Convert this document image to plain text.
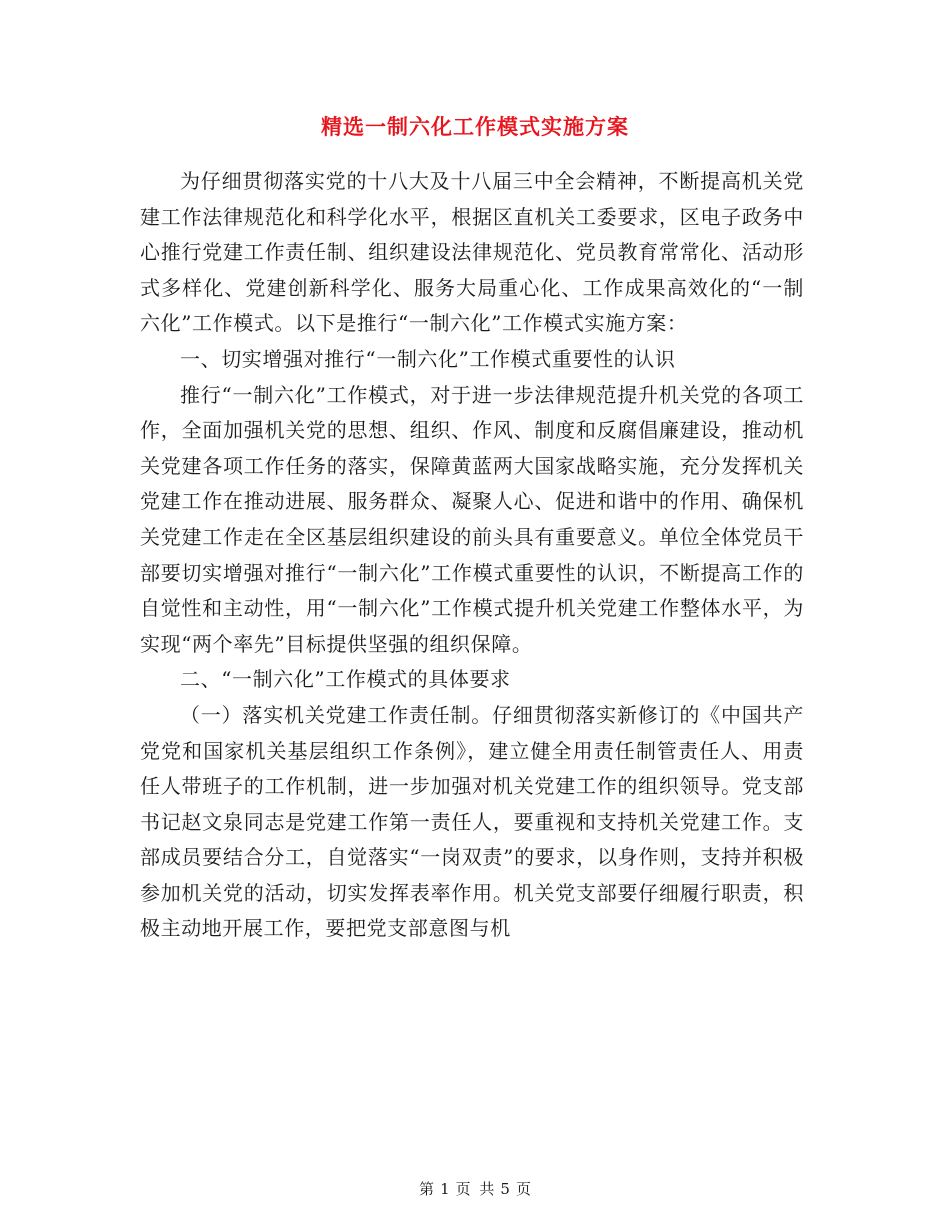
精选一制六化工作模式实施方案

为仔细贯彻落实党的十八大及十八届三中全会精神，不断提高机关党建工作法律规范化和科学化水平，根据区直机关工委要求，区电子政务中心推行党建工作责任制、组织建设法律规范化、党员教育常常化、活动形式多样化、党建创新科学化、服务大局重心化、工作成果高效化的“一制六化”工作模式。以下是推行“一制六化”工作模式实施方案：

一、切实增强对推行“一制六化”工作模式重要性的认识

推行“一制六化”工作模式，对于进一步法律规范提升机关党的各项工作，全面加强机关党的思想、组织、作风、制度和反腐倡廉建设，推动机关党建各项工作任务的落实，保障黄蓝两大国家战略实施，充分发挥机关党建工作在推动进展、服务群众、凝聚人心、促进和谐中的作用、确保机关党建工作走在全区基层组织建设的前头具有重要意义。单位全体党员干部要切实增强对推行“一制六化”工作模式重要性的认识，不断提高工作的自觉性和主动性，用“一制六化”工作模式提升机关党建工作整体水平，为实现“两个率先”目标提供坚强的组织保障。

二、“一制六化”工作模式的具体要求

（一）落实机关党建工作责任制。仔细贯彻落实新修订的《中国共产党党和国家机关基层组织工作条例》，建立健全用责任制管责任人、用责任人带班子的工作机制，进一步加强对机关党建工作的组织领导。党支部书记赵文泉同志是党建工作第一责任人，要重视和支持机关党建工作。支部成员要结合分工，自觉落实“一岗双责”的要求，以身作则，支持并积极参加机关党的活动，切实发挥表率作用。机关党支部要仔细履行职责，积极主动地开展工作，要把党支部意图与机

第 1 页 共 5 页
